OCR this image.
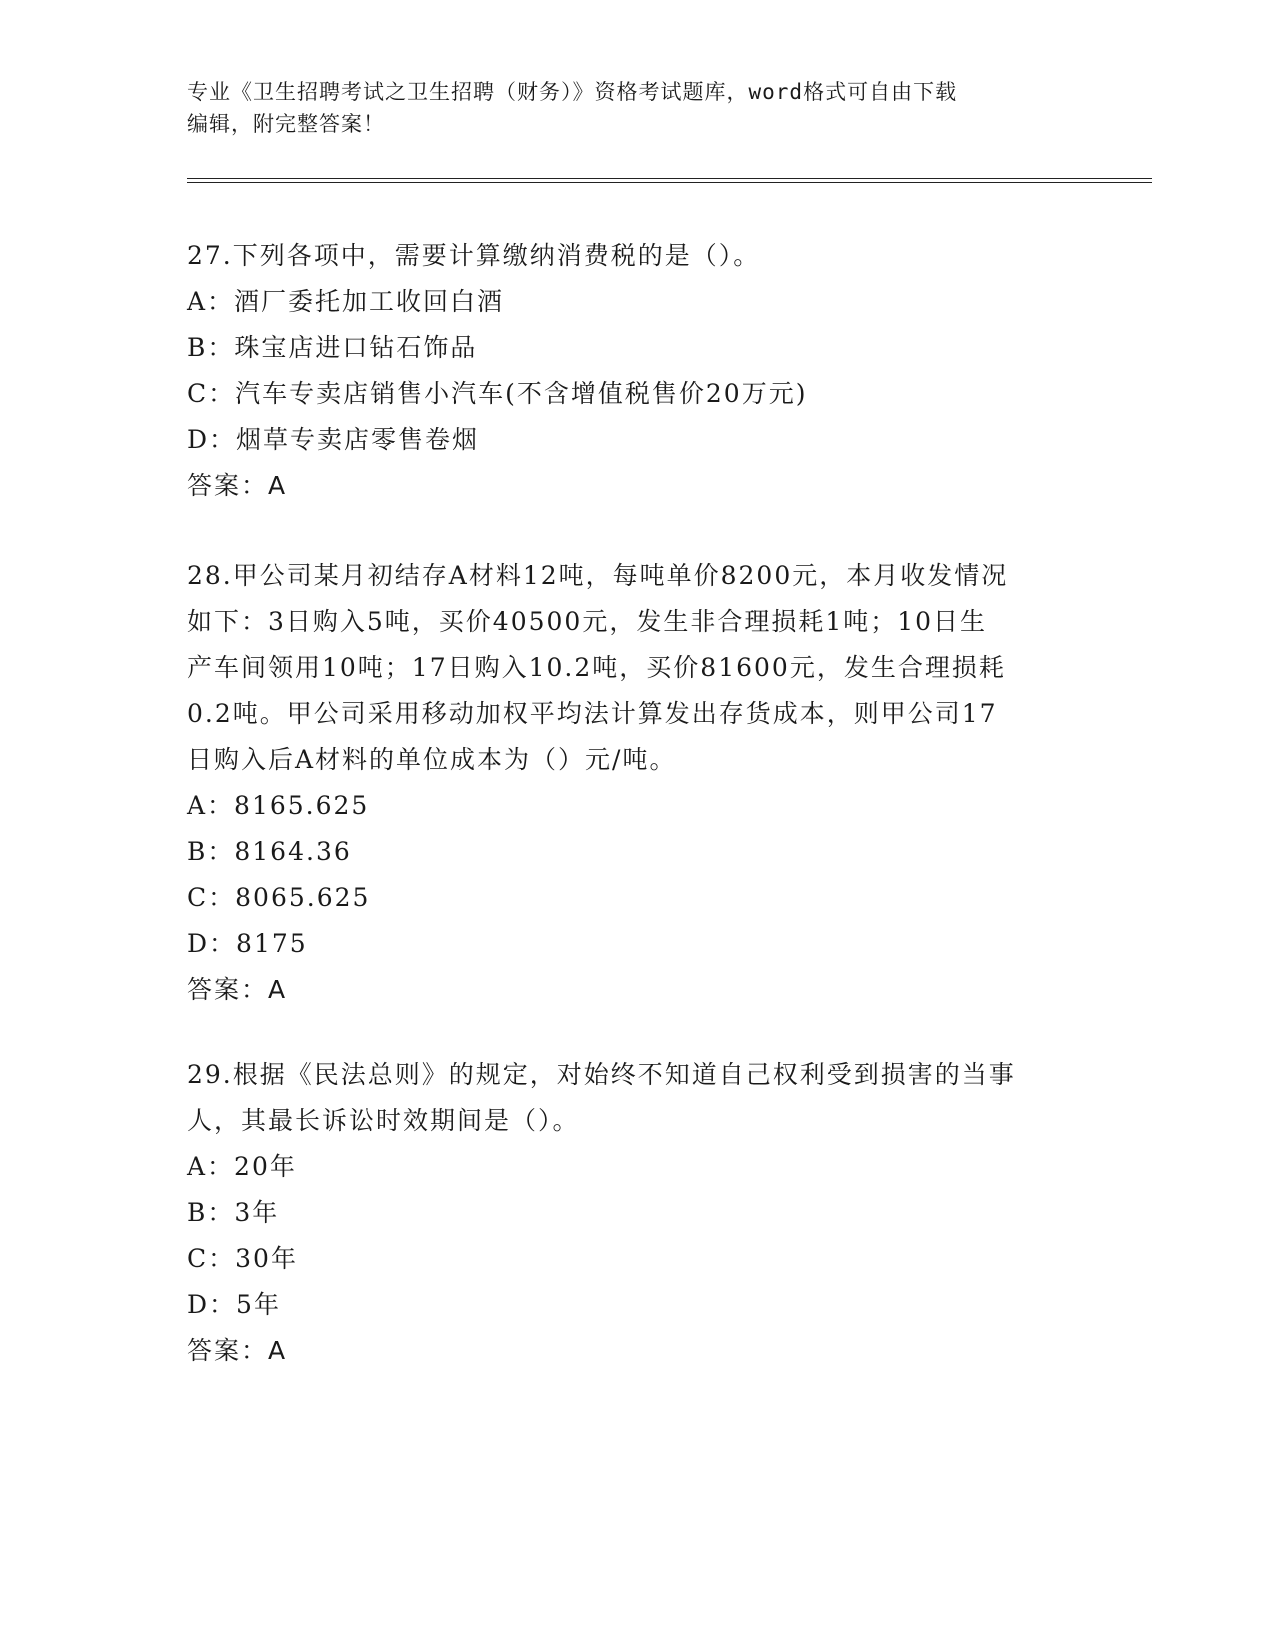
专业《卫生招聘考试之卫生招聘（财务）》资格考试题库，word格式可自由下载
编辑，附完整答案！

27.下列各项中，需要计算缴纳消费税的是（）。

A：酒厂委托加工收回白酒

B：珠宝店进口钻石饰品

C：汽车专卖店销售小汽车(不含增值税售价20万元)

D：烟草专卖店零售卷烟

答案：A

28.甲公司某月初结存A材料12吨，每吨单价8200元，本月收发情况

如下：3日购入5吨，买价40500元，发生非合理损耗1吨；10日生

产车间领用10吨；17日购入10.2吨，买价81600元，发生合理损耗

0.2吨。甲公司采用移动加权平均法计算发出存货成本，则甲公司17

日购入后A材料的单位成本为（）元/吨。

A：8165.625

B：8164.36

C：8065.625

D：8175

答案：A

29.根据《民法总则》的规定，对始终不知道自己权利受到损害的当事

人，其最长诉讼时效期间是（）。

A：20年

B：3年

C：30年

D：5年

答案：A
